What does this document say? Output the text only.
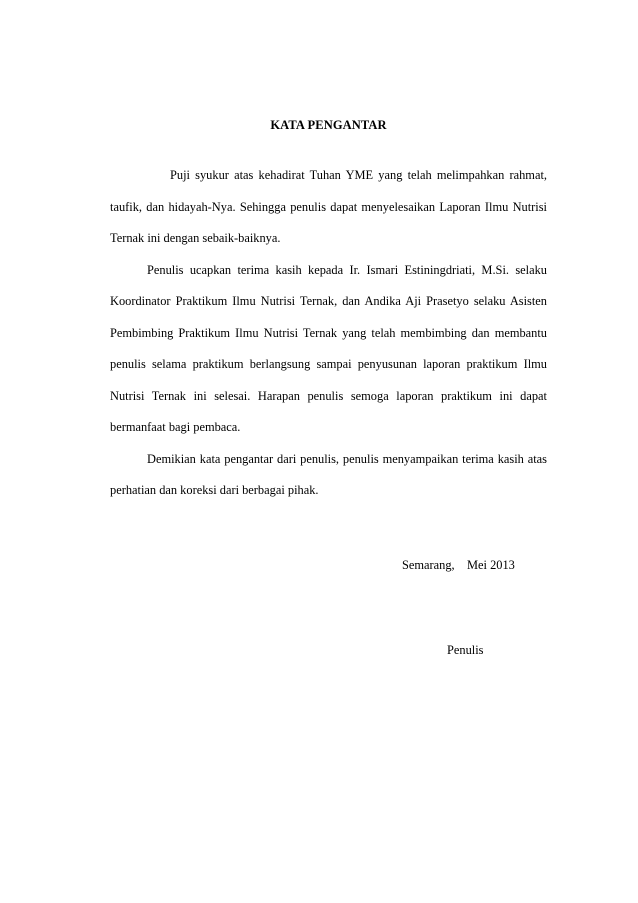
KATA PENGANTAR

Puji syukur atas kehadirat Tuhan YME yang telah melimpahkan rahmat, taufik, dan hidayah-Nya. Sehingga penulis dapat menyelesaikan Laporan Ilmu Nutrisi Ternak ini dengan sebaik-baiknya.

Penulis ucapkan terima kasih kepada Ir. Ismari Estiningdriati, M.Si. selaku Koordinator Praktikum Ilmu Nutrisi Ternak, dan Andika Aji Prasetyo selaku Asisten Pembimbing Praktikum Ilmu Nutrisi Ternak yang telah membimbing dan membantu penulis selama praktikum berlangsung sampai penyusunan laporan praktikum Ilmu Nutrisi Ternak ini selesai. Harapan penulis semoga laporan praktikum ini dapat bermanfaat bagi pembaca.

Demikian kata pengantar dari penulis, penulis menyampaikan terima kasih atas perhatian dan koreksi dari berbagai pihak.

Semarang,    Mei 2013
Penulis
